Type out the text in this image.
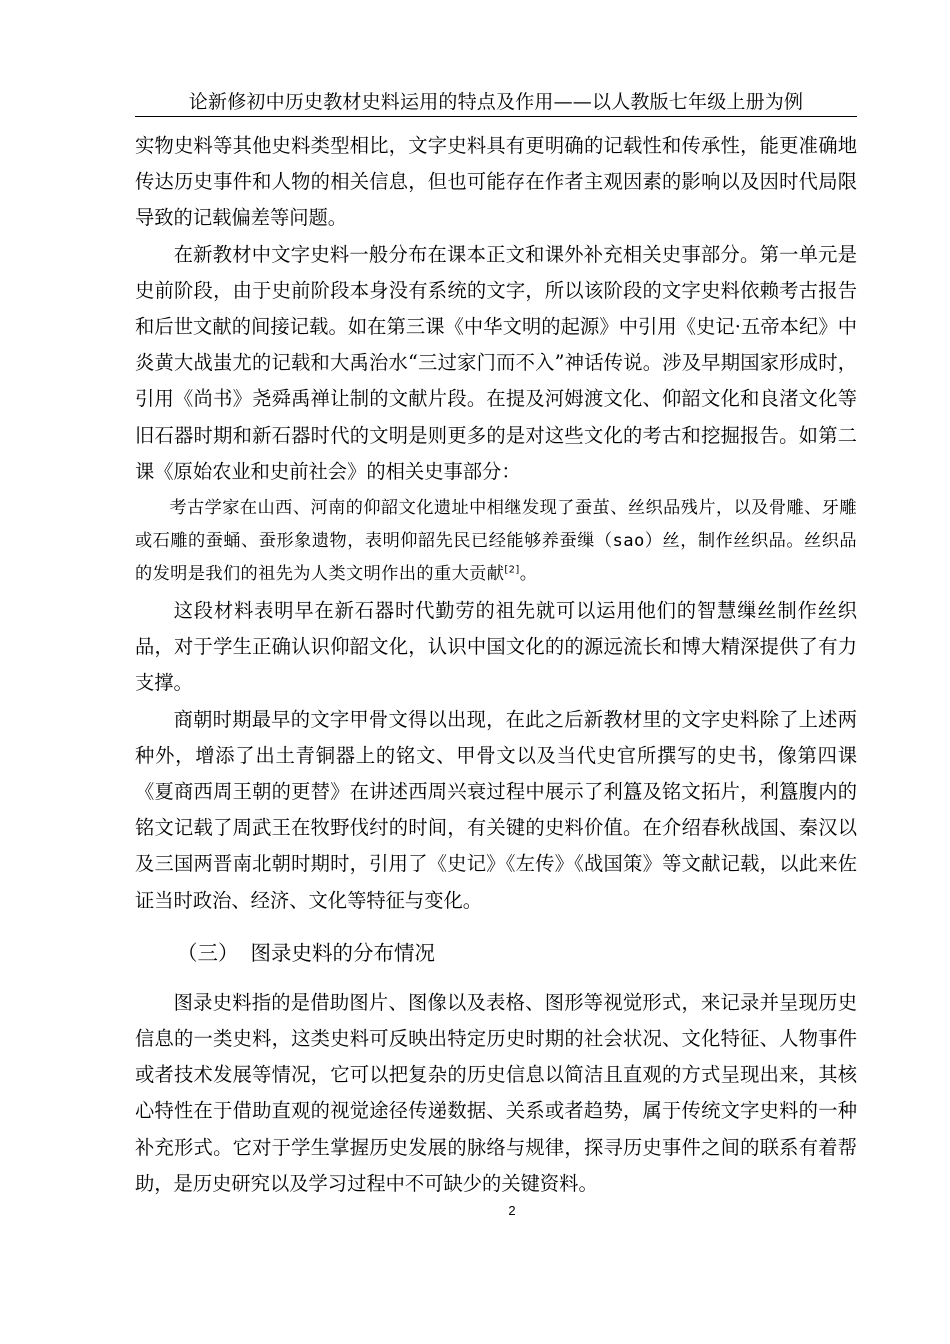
论新修初中历史教材史料运用的特点及作用——以人教版七年级上册为例

实物史料等其他史料类型相比，文字史料具有更明确的记载性和传承性，能更准确地传达历史事件和人物的相关信息，但也可能存在作者主观因素的影响以及因时代局限导致的记载偏差等问题。

在新教材中文字史料一般分布在课本正文和课外补充相关史事部分。第一单元是史前阶段，由于史前阶段本身没有系统的文字，所以该阶段的文字史料依赖考古报告和后世文献的间接记载。如在第三课《中华文明的起源》中引用《史记·五帝本纪》中炎黄大战蚩尤的记载和大禹治水“三过家门而不入”神话传说。涉及早期国家形成时，引用《尚书》尧舜禹禅让制的文献片段。在提及河姆渡文化、仰韶文化和良渚文化等旧石器时期和新石器时代的文明是则更多的是对这些文化的考古和挖掘报告。如第二课《原始农业和史前社会》的相关史事部分：

考古学家在山西、河南的仰韶文化遗址中相继发现了蚕茧、丝织品残片，以及骨雕、牙雕或石雕的蚕蛹、蚕形象遗物，表明仰韶先民已经能够养蚕缫（sao）丝，制作丝织品。丝织品的发明是我们的祖先为人类文明作出的重大贡献[2]。

这段材料表明早在新石器时代勤劳的祖先就可以运用他们的智慧缫丝制作丝织品，对于学生正确认识仰韶文化，认识中国文化的的源远流长和博大精深提供了有力支撑。

商朝时期最早的文字甲骨文得以出现，在此之后新教材里的文字史料除了上述两种外，增添了出土青铜器上的铭文、甲骨文以及当代史官所撰写的史书，像第四课《夏商西周王朝的更替》在讲述西周兴衰过程中展示了利簋及铭文拓片，利簋腹内的铭文记载了周武王在牧野伐纣的时间，有关键的史料价值。在介绍春秋战国、秦汉以及三国两晋南北朝时期时，引用了《史记》《左传》《战国策》等文献记载，以此来佐证当时政治、经济、文化等特征与变化。

（三） 图录史料的分布情况

图录史料指的是借助图片、图像以及表格、图形等视觉形式，来记录并呈现历史信息的一类史料，这类史料可反映出特定历史时期的社会状况、文化特征、人物事件或者技术发展等情况，它可以把复杂的历史信息以简洁且直观的方式呈现出来，其核心特性在于借助直观的视觉途径传递数据、关系或者趋势，属于传统文字史料的一种补充形式。它对于学生掌握历史发展的脉络与规律，探寻历史事件之间的联系有着帮助，是历史研究以及学习过程中不可缺少的关键资料。

2
